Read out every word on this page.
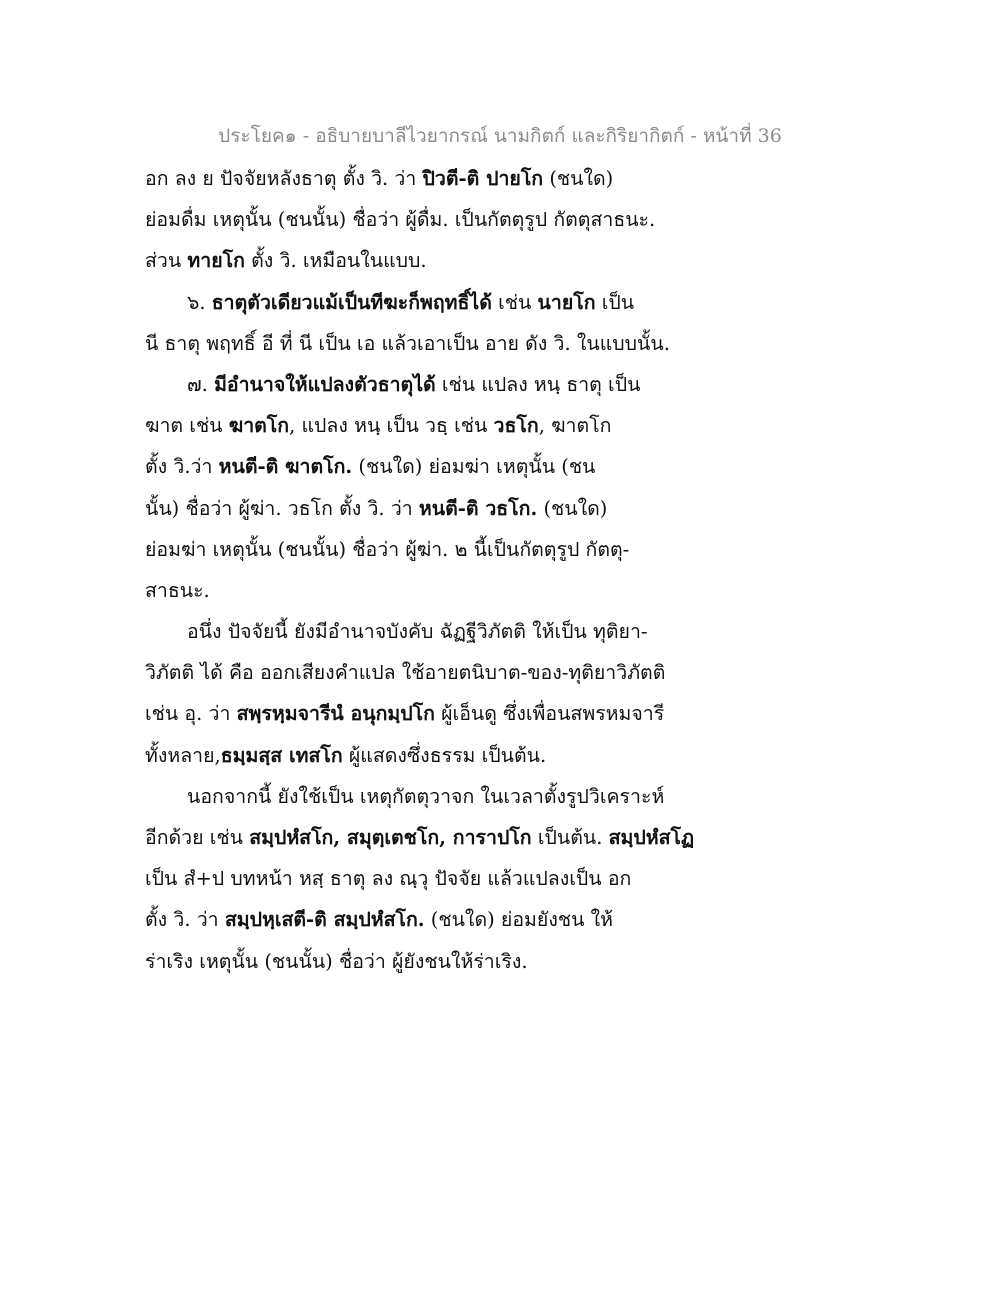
ประโยค๑ - อธิบายบาลีไวยากรณ์ นามกิตก์ และกิริยากิตก์ - หน้าที่ 36
อก ลง ย ปัจจัยหลังธาตุ ตั้ง วิ. ว่า ปิวตี-ติ ปายโก (ชนใด)
ย่อมดื่ม เหตุนั้น (ชนนั้น) ชื่อว่า ผู้ดื่ม. เป็นกัตตุรูป กัตตุสาธนะ.
ส่วน ทายโก ตั้ง วิ. เหมือนในแบบ.
๖. ธาตุตัวเดียวแม้เป็นทีฆะก็พฤทธิ์ได้ เช่น นายโก เป็น
นี ธาตุ พฤทธิ์ อี ที่ นี เป็น เอ แล้วเอาเป็น อาย ดัง วิ. ในแบบนั้น.
๗. มีอำนาจให้แปลงตัวธาตุได้ เช่น แปลง หนฺ ธาตุ เป็น
ฆาต เช่น ฆาตโก, แปลง หนฺ เป็น วธฺ เช่น วธโก, ฆาตโก
ตั้ง วิ.ว่า หนตี-ติ ฆาตโก. (ชนใด) ย่อมฆ่า เหตุนั้น (ชน
นั้น) ชื่อว่า ผู้ฆ่า. วธโก ตั้ง วิ. ว่า หนตี-ติ วธโก. (ชนใด)
ย่อมฆ่า เหตุนั้น (ชนนั้น) ชื่อว่า ผู้ฆ่า. ๒ นี้เป็นกัตตุรูป กัตตุ-
สาธนะ.
อนึ่ง ปัจจัยนี้ ยังมีอำนาจบังคับ ฉัฏฐีวิภัตติ ให้เป็น ทุติยา-
วิภัตติ ได้ คือ ออกเสียงคำแปล ใช้อายตนิบาต-ของ-ทุติยาวิภัตติ
เช่น อุ. ว่า สพฺรหฺมจารีนํ อนุกมฺปโก ผู้เอ็นดู ซึ่งเพื่อนสพรหมจารี
ทั้งหลาย,ธมฺมสฺส เทสโก ผู้แสดงซึ่งธรรม เป็นต้น.
นอกจากนี้ ยังใช้เป็น เหตุกัตตุวาจก ในเวลาตั้งรูปวิเคราะห์
อีกด้วย เช่น สมฺปหํสโก, สมุตฺเตชโก, การาปโก เป็นต้น. สมฺปหํสโฏ
เป็น สํ+ป บทหน้า หสฺ ธาตุ ลง ณฺวุ ปัจจัย แล้วแปลงเป็น อก
ตั้ง วิ. ว่า สมฺปหฺเสตี-ติ สมฺปหํสโก. (ชนใด) ย่อมยังชน ให้
ร่าเริง เหตุนั้น (ชนนั้น) ชื่อว่า ผู้ยังชนให้ร่าเริง.
